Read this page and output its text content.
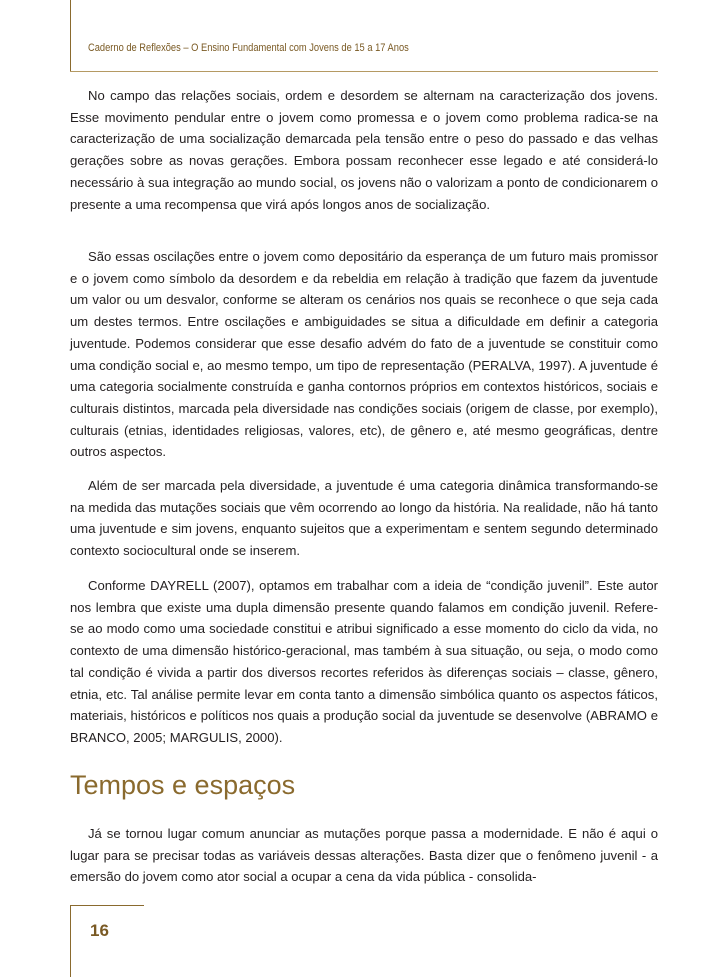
Caderno de Reflexões – O Ensino Fundamental com Jovens de 15 a 17 Anos

No campo das relações sociais, ordem e desordem se alternam na caracterização dos jovens. Esse movimento pendular entre o jovem como promessa e o jovem como problema radica-se na caracterização de uma socialização demarcada pela tensão entre o peso do passado e das velhas gerações sobre as novas gerações. Embora possam reconhecer esse legado e até considerá-lo necessário à sua integração ao mundo social, os jovens não o valorizam a ponto de condicionarem o presente a uma recompensa que virá após longos anos de socialização.

São essas oscilações entre o jovem como depositário da esperança de um futuro mais promissor e o jovem como símbolo da desordem e da rebeldia em relação à tradição que fazem da juventude um valor ou um desvalor, conforme se alteram os cenários nos quais se reconhece o que seja cada um destes termos. Entre oscilações e ambiguidades se situa a dificuldade em definir a categoria juventude. Podemos considerar que esse desafio advém do fato de a juventude se constituir como uma condição social e, ao mesmo tempo, um tipo de representação (PERALVA, 1997). A juventude é uma categoria socialmente construída e ganha contornos próprios em contextos históricos, sociais e culturais distintos, marcada pela diversidade nas condições sociais (origem de classe, por exemplo), culturais (etnias, identidades religiosas, valores, etc), de gênero e, até mesmo geográficas, dentre outros aspectos.

Além de ser marcada pela diversidade, a juventude é uma categoria dinâmica transformando-se na medida das mutações sociais que vêm ocorrendo ao longo da história. Na realidade, não há tanto uma juventude e sim jovens, enquanto sujeitos que a experimentam e sentem segundo determinado contexto sociocultural onde se inserem.

Conforme DAYRELL (2007), optamos em trabalhar com a ideia de “condição juvenil”. Este autor nos lembra que existe uma dupla dimensão presente quando falamos em condição juvenil. Refere-se ao modo como uma sociedade constitui e atribui significado a esse momento do ciclo da vida, no contexto de uma dimensão histórico-geracional, mas também à sua situação, ou seja, o modo como tal condição é vivida a partir dos diversos recortes referidos às diferenças sociais – classe, gênero, etnia, etc. Tal análise permite levar em conta tanto a dimensão simbólica quanto os aspectos fáticos, materiais, históricos e políticos nos quais a produção social da juventude se desenvolve (ABRAMO e BRANCO, 2005; MARGULIS, 2000).

Tempos e espaços

Já se tornou lugar comum anunciar as mutações porque passa a modernidade. E não é aqui o lugar para se precisar todas as variáveis dessas alterações. Basta dizer que o fenômeno juvenil - a emersão do jovem como ator social a ocupar a cena da vida pública - consolida-

16
